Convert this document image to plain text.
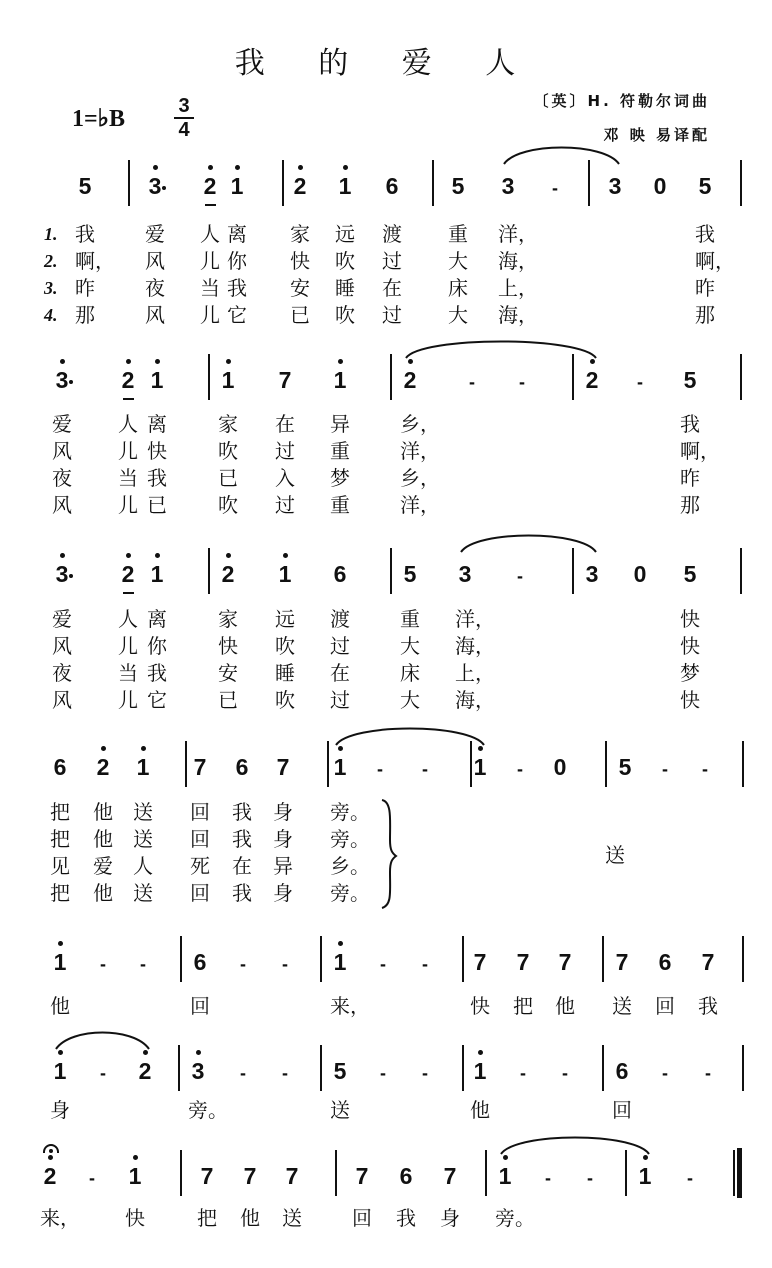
我 的 爱 人
1=♭B	3
4
〔英〕H. 符勒尔词曲
邓 映 易译配
5 3 2 1 2 1 6 5 3	-	3 0 5
我	爱 人 离 家 远 渡 重 洋，	我
1.
啊， 风 儿 你 快 吹 过 大 海，	啊，
2.
昨	夜 当 我 安 睡 在 床 上，	昨
3.
那	风 儿 它 已 吹 过 大 海，	那
4.
3 2 1	1 7 1 2	-	-	2	-	5
爱 人 离	家 在 异	乡，	我
风 儿 快	吹 过 重	洋，	啊，
夜 当 我	已 入 梦	乡，	昨
风 儿 已	吹 过 重	洋，	那
3 2 1	2 1 6 5 3	-	3 0 5
爱 人 离	家 远 渡	重 洋，	快
风 儿 你	快 吹 过	大 海，	快
夜 当 我	安 睡 在	床 上，	梦
风 儿 它	已 吹 过	大 海，	快
6 2 1 7 6 7 1	-	-	1	-	0 5	-	-
把 他 送 回 我 身 旁。
把 他 送 回 我 身 旁。
见 爱 人 死 在 异 乡。
把 他 送 回 我 身 旁。
送
1	-	-	6	-	-	1	-	-	7 7 7 7 6 7
他	回	来，	快 把 他 送 回 我
1	-	2 3	-	-	5	-	-	1	-	-	6	-	-
身	旁。	送	他	回
2	-	1	7 7 7 7 6 7 1	-	-	1	-
来， 快	把 他 送	回 我 身 旁。
